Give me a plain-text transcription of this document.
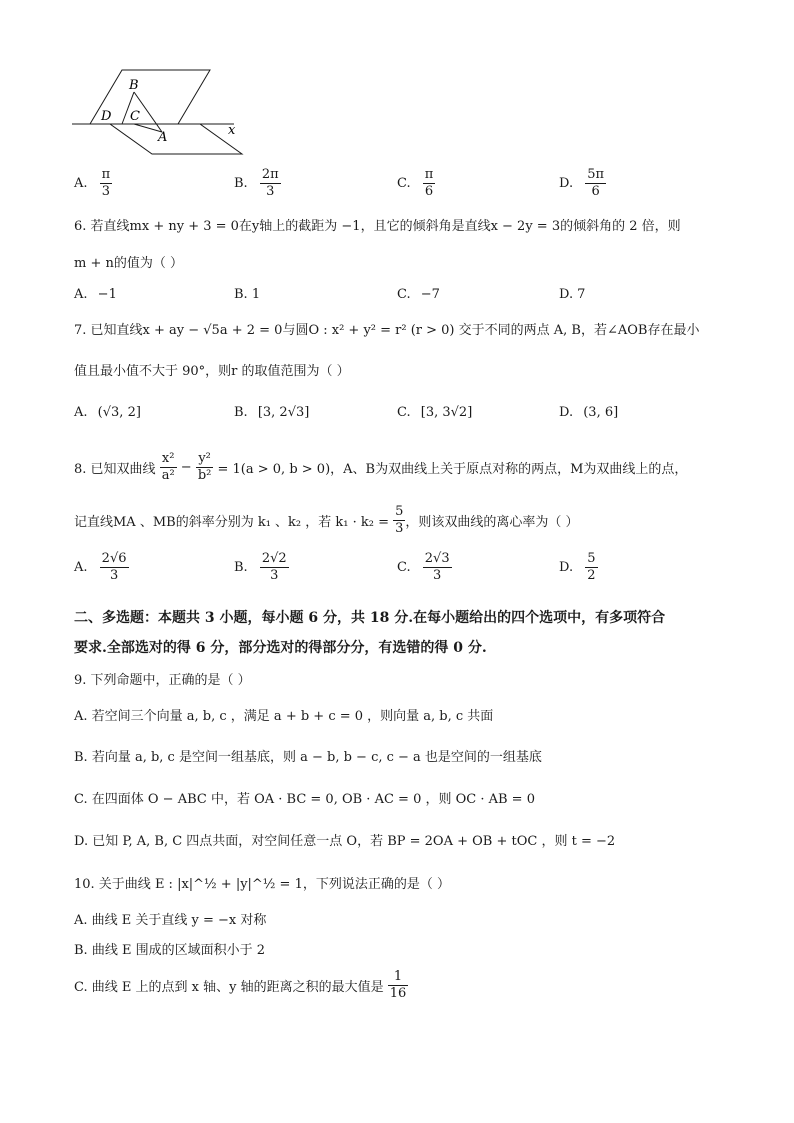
B
D C
A	x
A. $\frac{\pi}{3}$	B. $\frac{2\pi}{3}$	C. $\frac{\pi}{6}$	D. $\frac{5\pi}{6}$
6. 若直线mx + ny + 3 = 0在y轴上的截距为 −1，且它的倾斜角是直线x − 2y = 3的倾斜角的 2 倍，则
m + n的值为（ ）
A. −1	B. 1	C. −7	D. 7
7. 已知直线x + ay − √5a + 2 = 0与圆O : x² + y² = r² (r > 0) 交于不同的两点 A, B，若∠AOB存在最小
值且最小值不大于 90°，则r 的取值范围为（ ）
A. (√3, 2]	B. [3, 2√3]	C. [3, 3√2]	D. (3, 6]
8. 已知双曲线 $\frac{\text{x²}}{\text{a²}} - \frac{\text{y²}}{\text{b²}} = 1(a > 0$, b > 0)，A、B为双曲线上关于原点对称的两点，M为双曲线上的点，
记直线MA 、MB的斜率分别为 k₁ 、k₂ ，若 $k_1 \cdot k_2 = \frac{5}{3}$ ，则该双曲线的离心率为（ ）
A. $\frac{2√6}{3}$	B. $\frac{2√2}{3}$	C. $\frac{2√3}{3}$	D. $\frac{5}{2}$
二、多选题：本题共 3 小题，每小题 6 分，共 18 分.在每小题给出的四个选项中，有多项符合
要求.全部选对的得 6 分，部分选对的得部分分，有选错的得 0 分.
9. 下列命题中，正确的是（ ）
A. 若空间三个向量 a, b, c ，满足 a + b + c = 0 ，则向量 a, b, c 共面
B. 若向量 a, b, c 是空间一组基底，则 a − b, b − c, c − a 也是空间的一组基底
C. 在四面体 O − ABC 中，若 OA · BC = 0, OB · AC = 0 ，则 OC · AB = 0
D. 已知 P, A, B, C 四点共面，对空间任意一点 O，若 BP = 2OA + OB + tOC ，则 t = −2
10. 关于曲线 E : |x|^½ + |y|^½ = 1，下列说法正确的是（ ）
A. 曲线 E 关于直线 y = −x 对称
B. 曲线 E 围成的区域面积小于 2
C. 曲线 E 上的点到 x 轴、y 轴的距离之积的最大值是 $\frac{1}{16}$
